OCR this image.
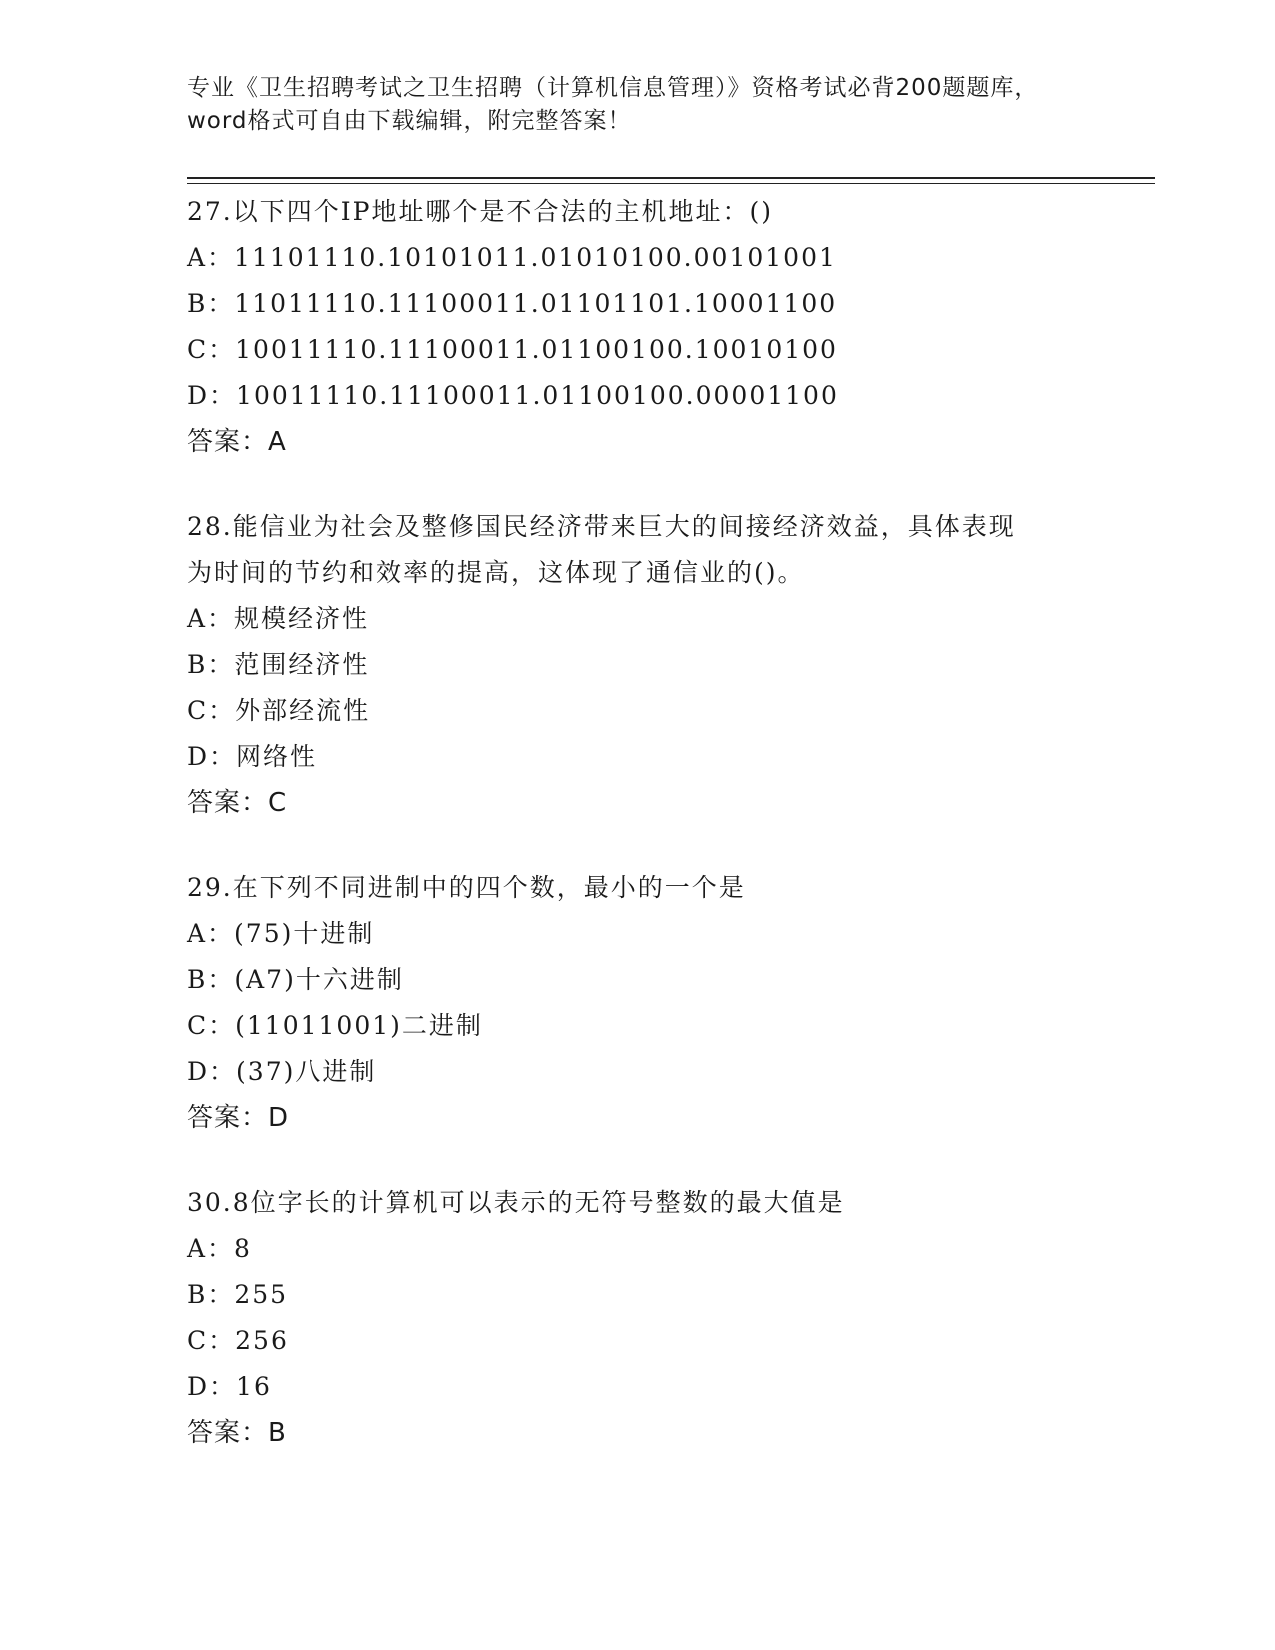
专业《卫生招聘考试之卫生招聘（计算机信息管理）》资格考试必背200题题库，
word格式可自由下载编辑，附完整答案！
27.以下四个IP地址哪个是不合法的主机地址：()
A：11101110.10101011.01010100.00101001
B：11011110.11100011.01101101.10001100
C：10011110.11100011.01100100.10010100
D：10011110.11100011.01100100.00001100
答案：A
28.能信业为社会及整修国民经济带来巨大的间接经济效益，具体表现
为时间的节约和效率的提高，这体现了通信业的()。
A：规模经济性
B：范围经济性
C：外部经流性
D：网络性
答案：C
29.在下列不同进制中的四个数，最小的一个是
A：(75)十进制
B：(A7)十六进制
C：(11011001)二进制
D：(37)八进制
答案：D
30.8位字长的计算机可以表示的无符号整数的最大值是
A：8
B：255
C：256
D：16
答案：B
